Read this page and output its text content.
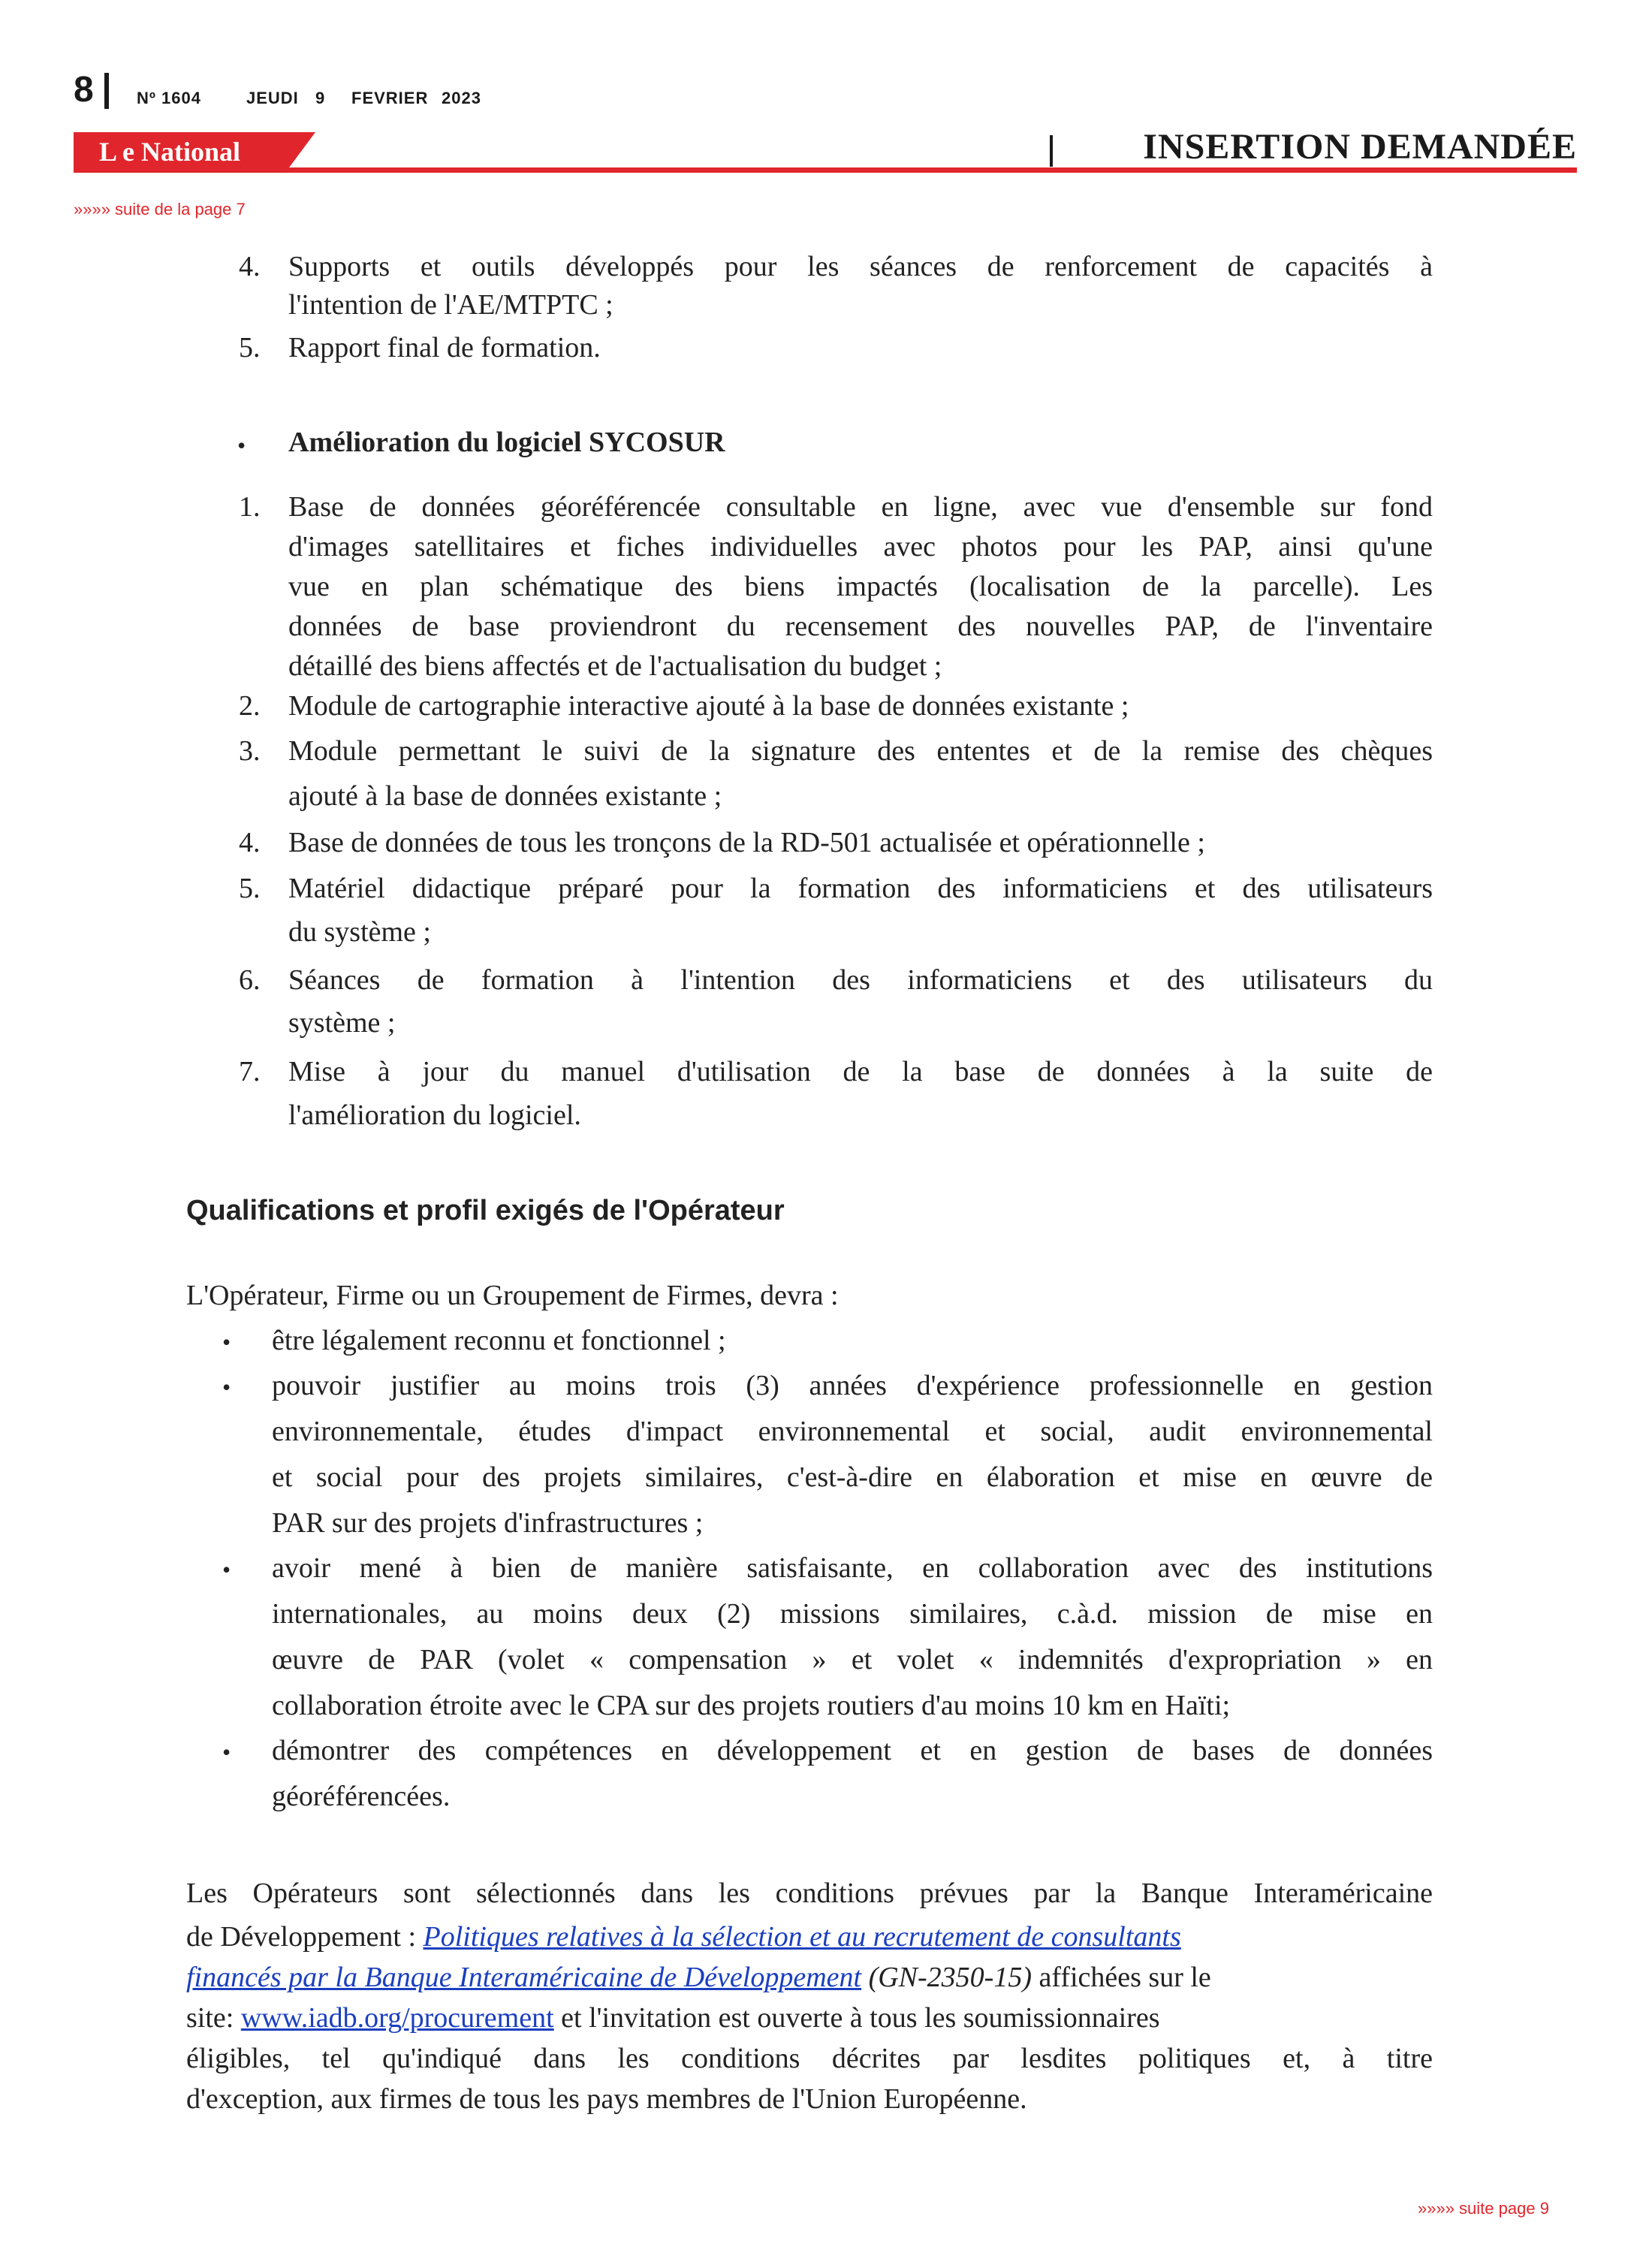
8	Nº 1604	JEUDI 9 FEVRIER 2023
L e National	INSERTION DEMANDÉE
»»»» suite de la page 7
4. Supports et outils développés pour les séances de renforcement de capacités à
l'intention de l'AE/MTPTC ;
5. Rapport final de formation.
• Amélioration du logiciel SYCOSUR
1. Base de données géoréférencée consultable en ligne, avec vue d'ensemble sur fond
d'images satellitaires et fiches individuelles avec photos pour les PAP, ainsi qu'une
vue en plan schématique des biens impactés (localisation de la parcelle). Les
données de base proviendront du recensement des nouvelles PAP, de l'inventaire
détaillé des biens affectés et de l'actualisation du budget ;
2. Module de cartographie interactive ajouté à la base de données existante ;
3. Module permettant le suivi de la signature des ententes et de la remise des chèques
ajouté à la base de données existante ;
4. Base de données de tous les tronçons de la RD-501 actualisée et opérationnelle ;
5. Matériel didactique préparé pour la formation des informaticiens et des utilisateurs
du système ;
6. Séances de formation à l'intention des informaticiens et des utilisateurs du
système ;
7. Mise à jour du manuel d'utilisation de la base de données à la suite de
l'amélioration du logiciel.
Qualifications et profil exigés de l'Opérateur
L'Opérateur, Firme ou un Groupement de Firmes, devra :
• être légalement reconnu et fonctionnel ;
• pouvoir justifier au moins trois (3) années d'expérience professionnelle en gestion
environnementale, études d'impact environnemental et social, audit environnemental
et social pour des projets similaires, c'est-à-dire en élaboration et mise en œuvre de
PAR sur des projets d'infrastructures ;
• avoir mené à bien de manière satisfaisante, en collaboration avec des institutions
internationales, au moins deux (2) missions similaires, c.à.d. mission de mise en
œuvre de PAR (volet « compensation » et volet « indemnités d'expropriation » en
collaboration étroite avec le CPA sur des projets routiers d'au moins 10 km en Haïti;
• démontrer des compétences en développement et en gestion de bases de données
géoréférencées.
Les Opérateurs sont sélectionnés dans les conditions prévues par la Banque Interaméricaine
de Développement : Politiques relatives à la sélection et au recrutement de consultants
financés par la Banque Interaméricaine de Développement (GN-2350-15) affichées sur le
site: www.iadb.org/procurement et l'invitation est ouverte à tous les soumissionnaires
éligibles, tel qu'indiqué dans les conditions décrites par lesdites politiques et, à titre
d'exception, aux firmes de tous les pays membres de l'Union Européenne.
»»»» suite page 9
